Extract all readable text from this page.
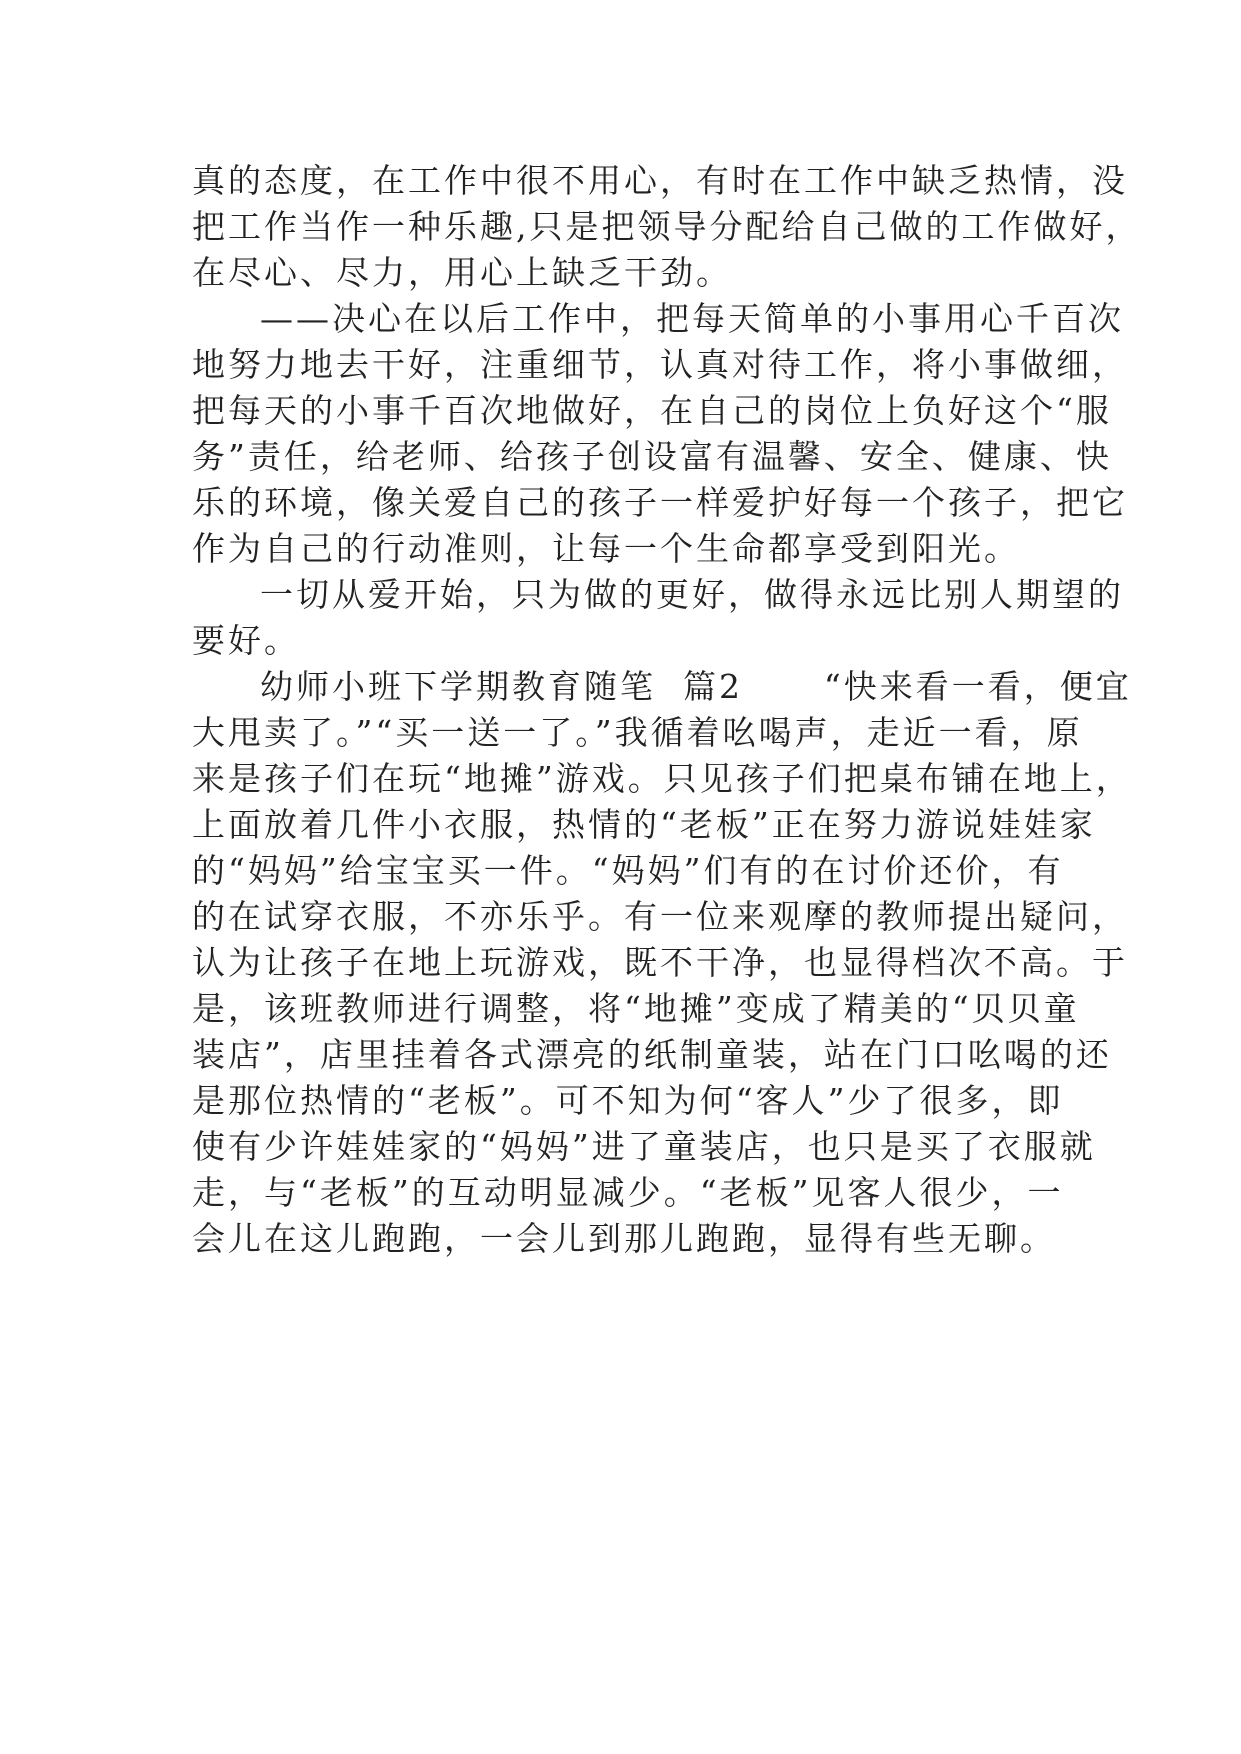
真的态度，在工作中很不用心，有时在工作中缺乏热情，没
把工作当作一种乐趣,只是把领导分配给自己做的工作做好，
在尽心、尽力，用心上缺乏干劲。
——决心在以后工作中，把每天简单的小事用心千百次
地努力地去干好，注重细节，认真对待工作，将小事做细，
把每天的小事千百次地做好，在自己的岗位上负好这个“服
务”责任，给老师、给孩子创设富有温馨、安全、健康、快
乐的环境，像关爱自己的孩子一样爱护好每一个孩子，把它
作为自己的行动准则，让每一个生命都享受到阳光。
一切从爱开始，只为做的更好，做得永远比别人期望的
要好。
幼师小班下学期教育随笔  篇2      “快来看一看，便宜
大甩卖了。”“买一送一了。”我循着吆喝声，走近一看，原
来是孩子们在玩“地摊”游戏。只见孩子们把桌布铺在地上，
上面放着几件小衣服，热情的“老板”正在努力游说娃娃家
的“妈妈”给宝宝买一件。“妈妈”们有的在讨价还价，有
的在试穿衣服，不亦乐乎。有一位来观摩的教师提出疑问，
认为让孩子在地上玩游戏，既不干净，也显得档次不高。于
是，该班教师进行调整，将“地摊”变成了精美的“贝贝童
装店”，店里挂着各式漂亮的纸制童装，站在门口吆喝的还
是那位热情的“老板”。可不知为何“客人”少了很多，即
使有少许娃娃家的“妈妈”进了童装店，也只是买了衣服就
走，与“老板”的互动明显减少。“老板”见客人很少，一
会儿在这儿跑跑，一会儿到那儿跑跑，显得有些无聊。
